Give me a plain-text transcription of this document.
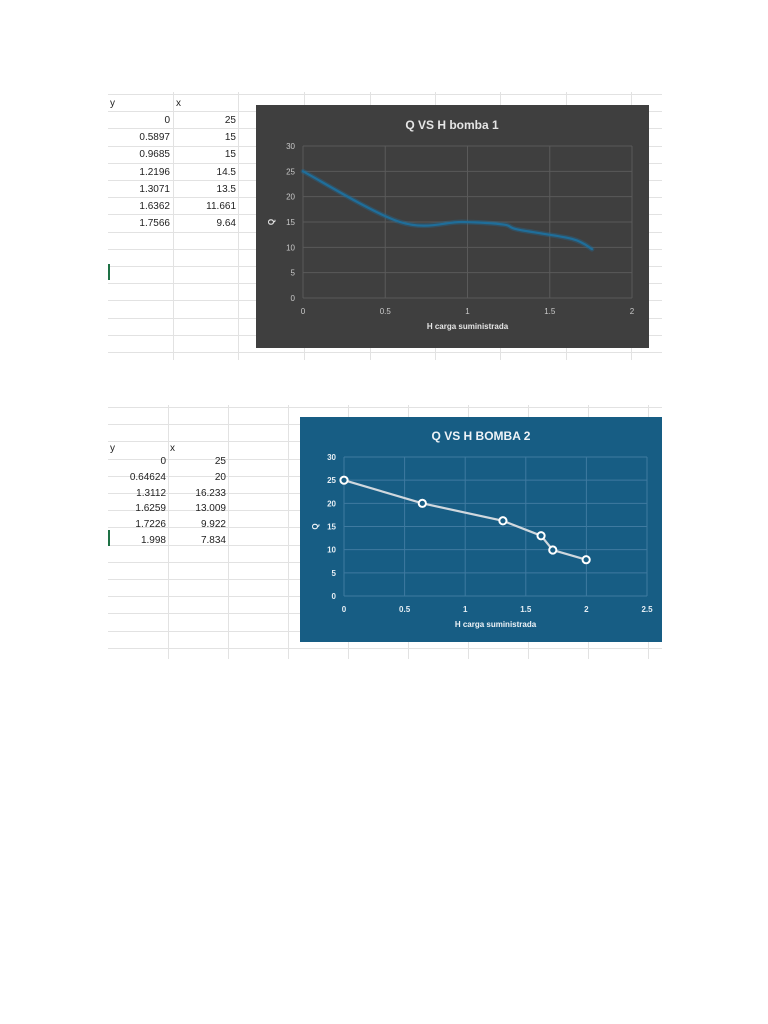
y	x
0	25
0.5897	15
0.9685	15
1.2196	14.5
1.3071	13.5
1.6362	11.661
1.7566	9.64
y	x
0	25
0.64624	20
1.3112	16.233
1.6259	13.009
1.7226	9.922
1.998	7.834
0
5
10
15
20
25
30
0	0.5	1	1.5	2
Q VS H bomba 1
H carga suministrada
Q
0
5
10
15
20
25
30
0	0.5	1	1.5	2	2.5
Q VS H BOMBA 2
H carga suministrada
Q
